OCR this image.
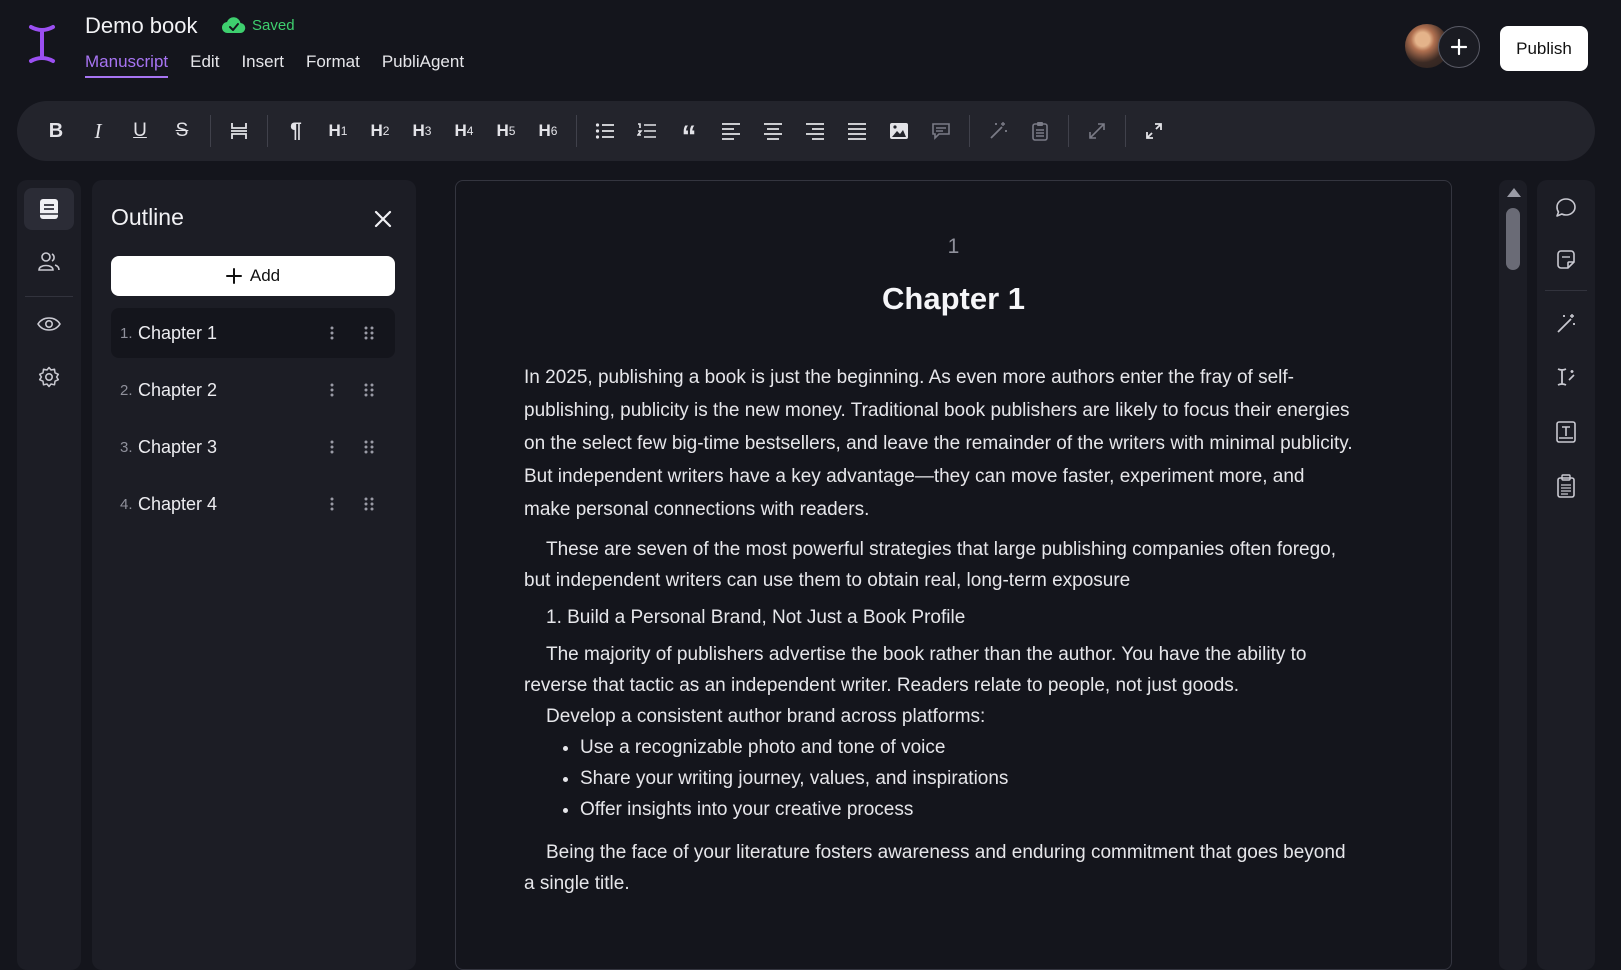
Demo book	Saved
Manuscript Edit Insert Format PubliAgent
Publish
B I U S	¶ H 1 H 2 H 3 H 4 H 5 H 6	“
Outline
Add
1. Chapter 1
2. Chapter 2
3. Chapter 3
4. Chapter 4
1
Chapter 1

In 2025, publishing a book is just the beginning. As even more authors enter the fray of self-publishing, publicity is the new money. Traditional book publishers are likely to focus their energies on the select few big-time bestsellers, and leave the remainder of the writers with minimal publicity. But independent writers have a key advantage—they can move faster, experiment more, and make personal connections with readers.

These are seven of the most powerful strategies that large publishing companies often forego, but independent writers can use them to obtain real, long-term exposure

1. Build a Personal Brand, Not Just a Book Profile

The majority of publishers advertise the book rather than the author. You have the ability to reverse that tactic as an independent writer. Readers relate to people, not just goods.

Develop a consistent author brand across platforms:

• Use a recognizable photo and tone of voice
• Share your writing journey, values, and inspirations
• Offer insights into your creative process

Being the face of your literature fosters awareness and enduring commitment that goes beyond a single title.
